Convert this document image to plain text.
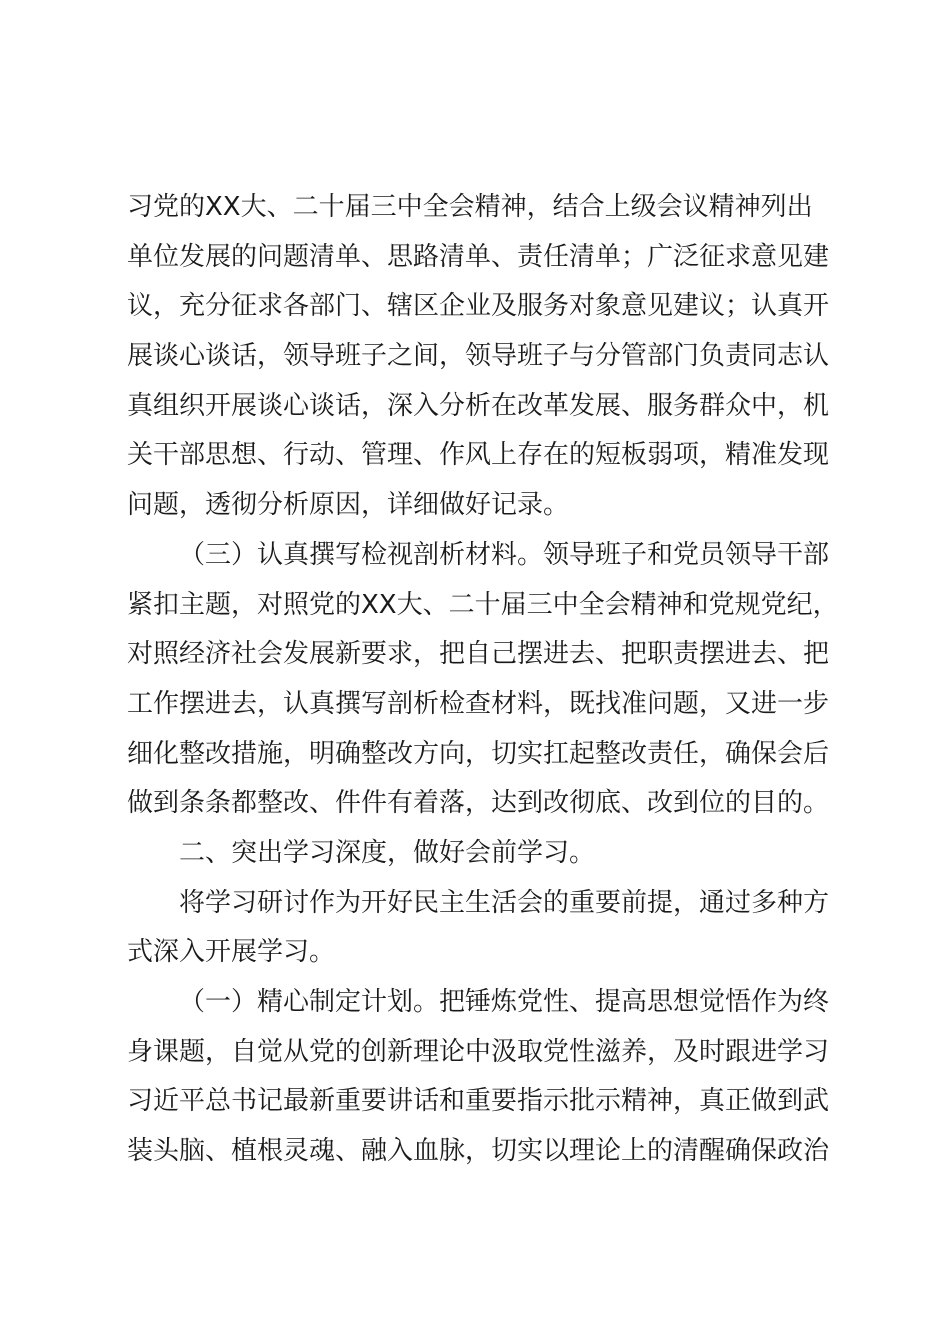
习党的XX大、二十届三中全会精神，结合上级会议精神列出
单位发展的问题清单、思路清单、责任清单；广泛征求意见建
议，充分征求各部门、辖区企业及服务对象意见建议；认真开
展谈心谈话，领导班子之间，领导班子与分管部门负责同志认
真组织开展谈心谈话，深入分析在改革发展、服务群众中，机
关干部思想、行动、管理、作风上存在的短板弱项，精准发现
问题，透彻分析原因，详细做好记录。
（三）认真撰写检视剖析材料。领导班子和党员领导干部
紧扣主题，对照党的XX大、二十届三中全会精神和党规党纪，
对照经济社会发展新要求，把自己摆进去、把职责摆进去、把
工作摆进去，认真撰写剖析检查材料，既找准问题，又进一步
细化整改措施，明确整改方向，切实扛起整改责任，确保会后
做到条条都整改、件件有着落，达到改彻底、改到位的目的。
二、突出学习深度，做好会前学习。
将学习研讨作为开好民主生活会的重要前提，通过多种方
式深入开展学习。
（一）精心制定计划。把锤炼党性、提高思想觉悟作为终
身课题，自觉从党的创新理论中汲取党性滋养，及时跟进学习
习近平总书记最新重要讲话和重要指示批示精神，真正做到武
装头脑、植根灵魂、融入血脉，切实以理论上的清醒确保政治
